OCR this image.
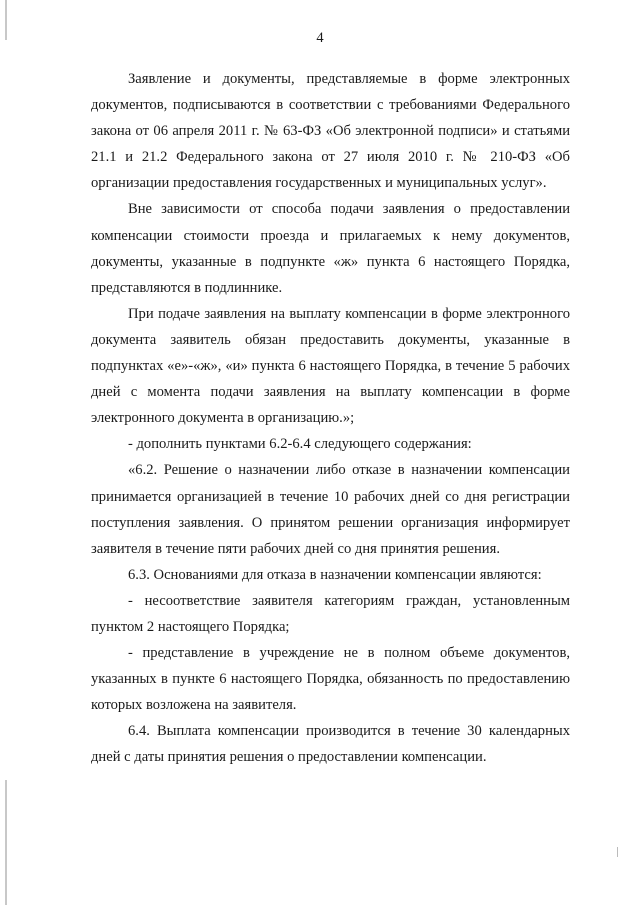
4

Заявление и документы, представляемые в форме электронных документов, подписываются в соответствии с требованиями Федерального закона от 06 апреля 2011 г. № 63-ФЗ «Об электронной подписи» и статьями 21.1 и 21.2 Федерального закона от 27 июля 2010 г. № 210-ФЗ «Об организации предоставления государственных и муниципальных услуг».

Вне зависимости от способа подачи заявления о предоставлении компенсации стоимости проезда и прилагаемых к нему документов, документы, указанные в подпункте «ж» пункта 6 настоящего Порядка, представляются в подлиннике.

При подаче заявления на выплату компенсации в форме электронного документа заявитель обязан предоставить документы, указанные в подпунктах «е»-«ж», «и» пункта 6 настоящего Порядка, в течение 5 рабочих дней с момента подачи заявления на выплату компенсации в форме электронного документа в организацию.»;

- дополнить пунктами 6.2-6.4 следующего содержания:

«6.2. Решение о назначении либо отказе в назначении компенсации принимается организацией в течение 10 рабочих дней со дня регистрации поступления заявления. О принятом решении организация информирует заявителя в течение пяти рабочих дней со дня принятия решения.

6.3. Основаниями для отказа в назначении компенсации являются:

- несоответствие заявителя категориям граждан, установленным пунктом 2 настоящего Порядка;

- представление в учреждение не в полном объеме документов, указанных в пункте 6 настоящего Порядка, обязанность по предоставлению которых возложена на заявителя.

6.4. Выплата компенсации производится в течение 30 календарных дней с даты принятия решения о предоставлении компенсации.
